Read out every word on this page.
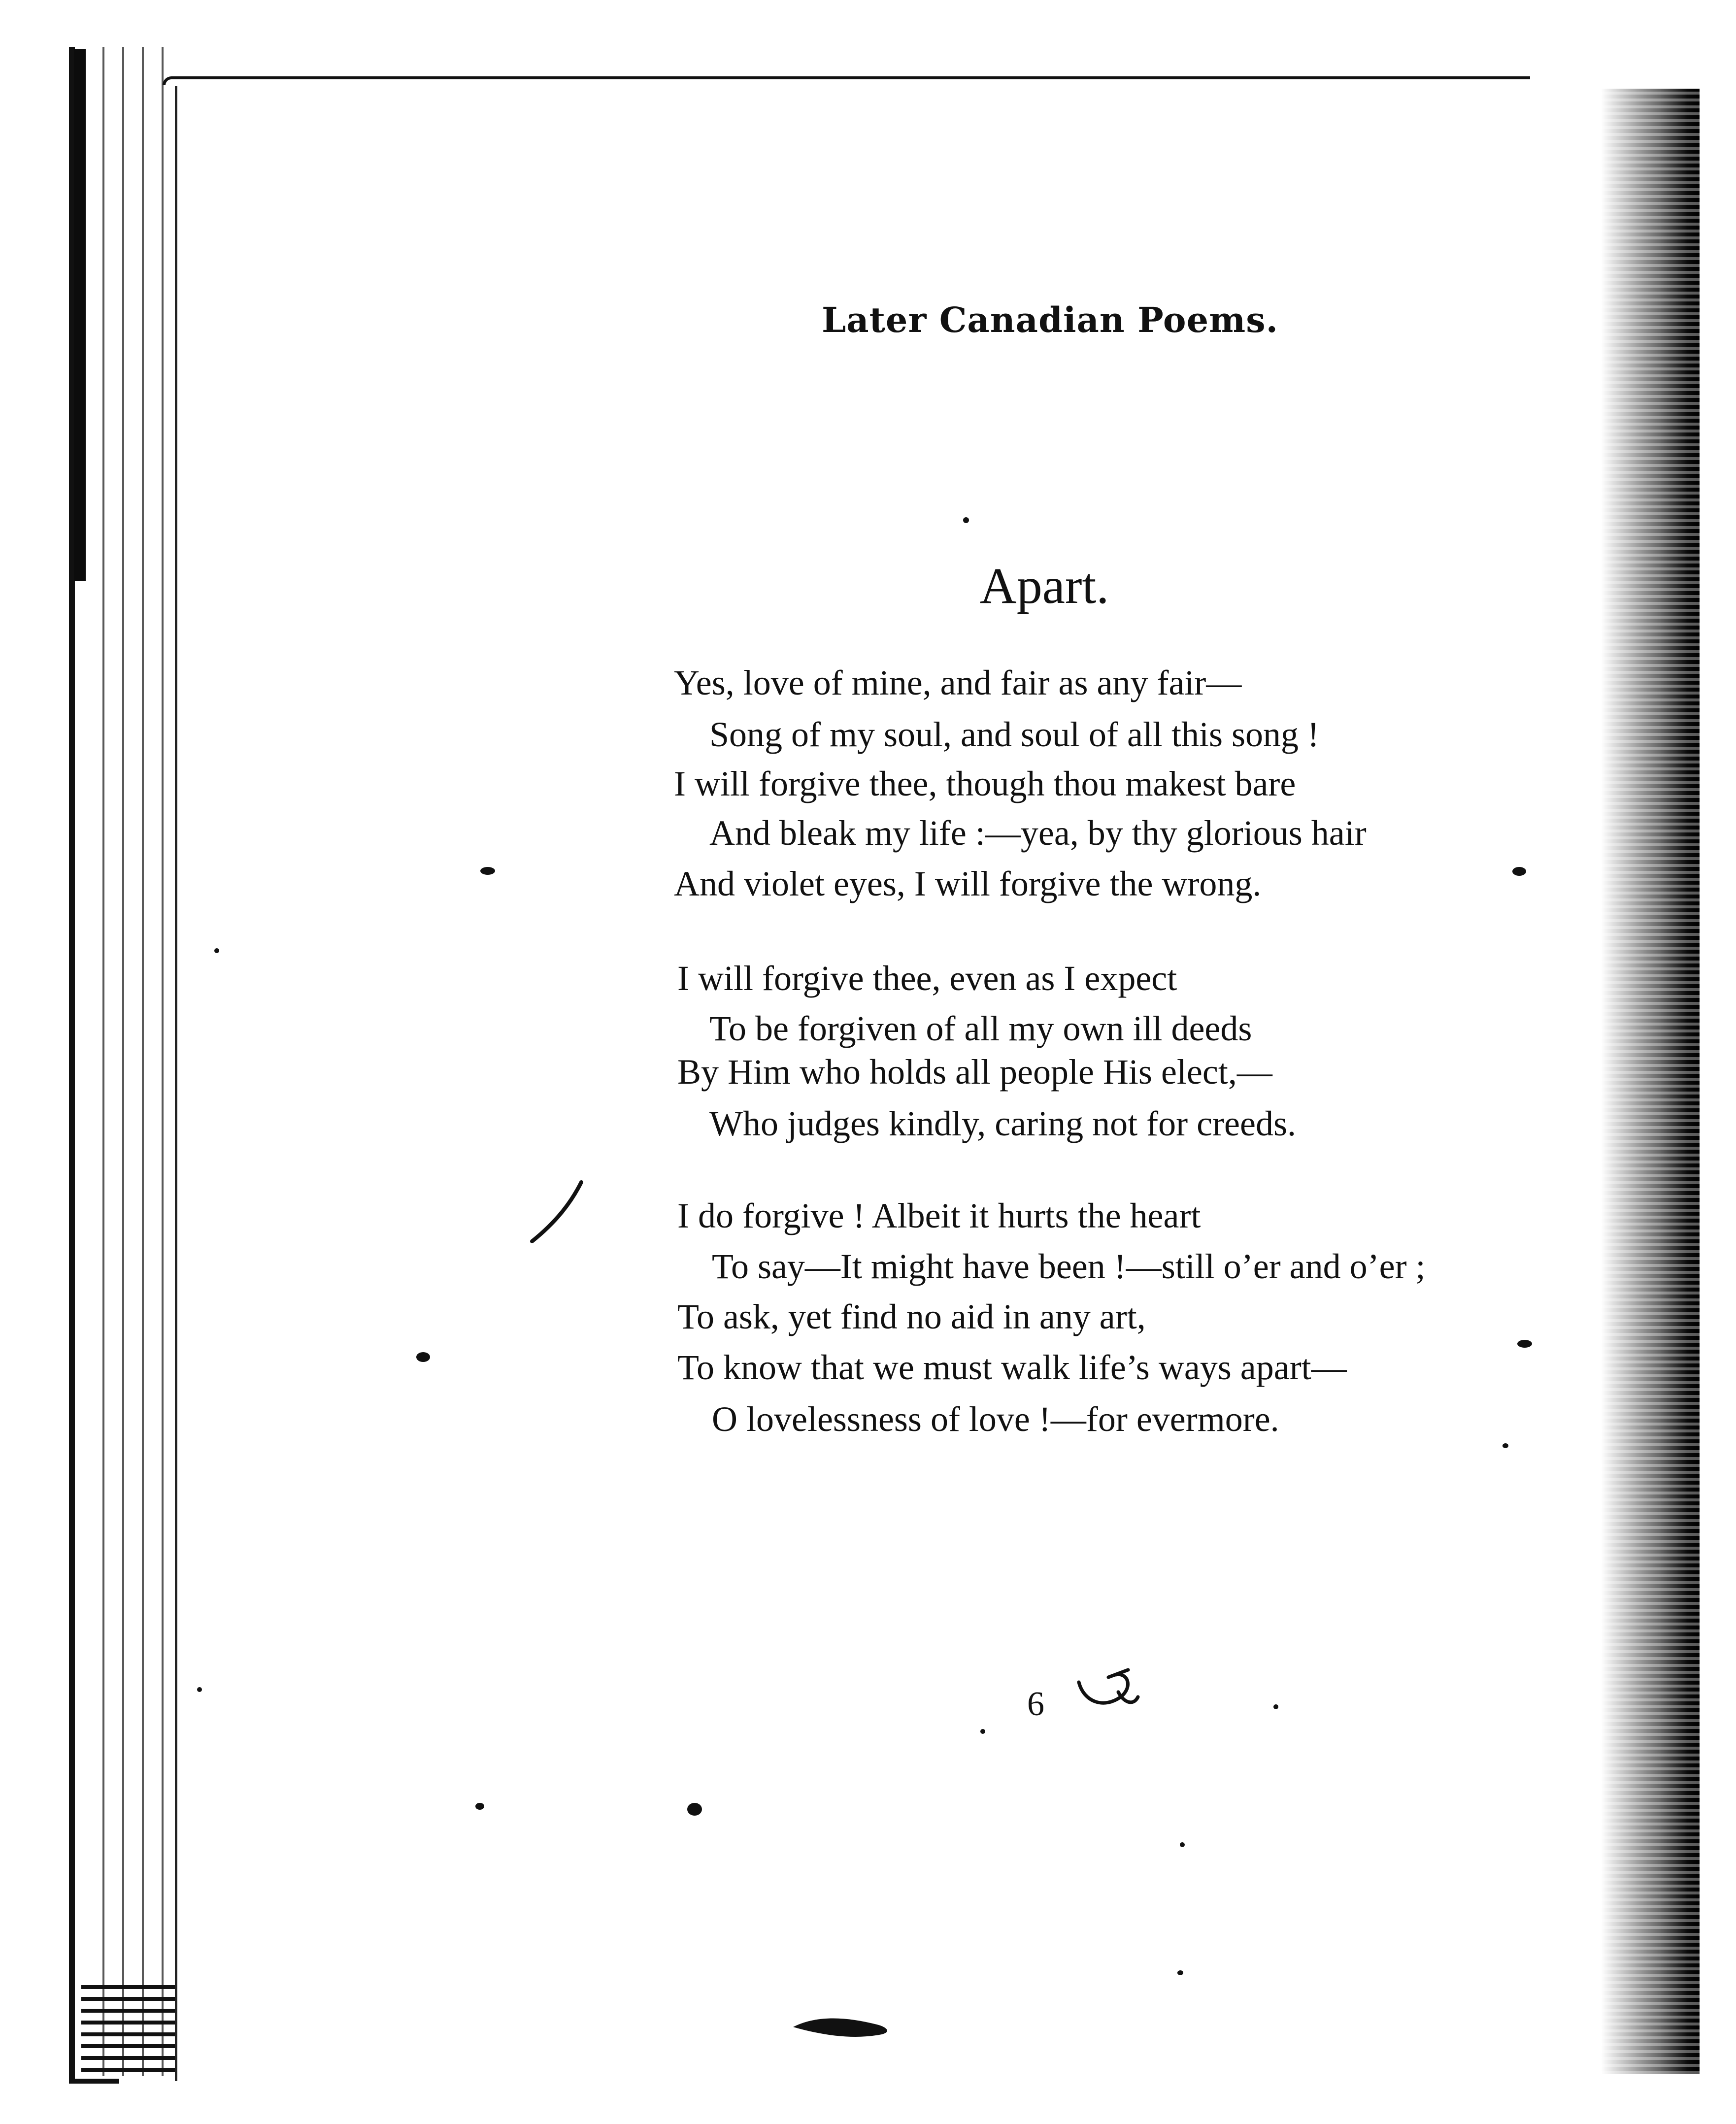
Later Canadian Poems.
Apart.
Yes, love of mine, and fair as any fair—
Song of my soul, and soul of all this song !
I will forgive thee, though thou makest bare
And bleak my life :—yea, by thy glorious hair
And violet eyes, I will forgive the wrong.
I will forgive thee, even as I expect
To be forgiven of all my own ill deeds
By Him who holds all people His elect,—
Who judges kindly, caring not for creeds.
I do forgive ! Albeit it hurts the heart
To say—It might have been !—still o’er and o’er ;
To ask, yet find no aid in any art,
To know that we must walk life’s ways apart—
O lovelessness of love !—for evermore.
6
